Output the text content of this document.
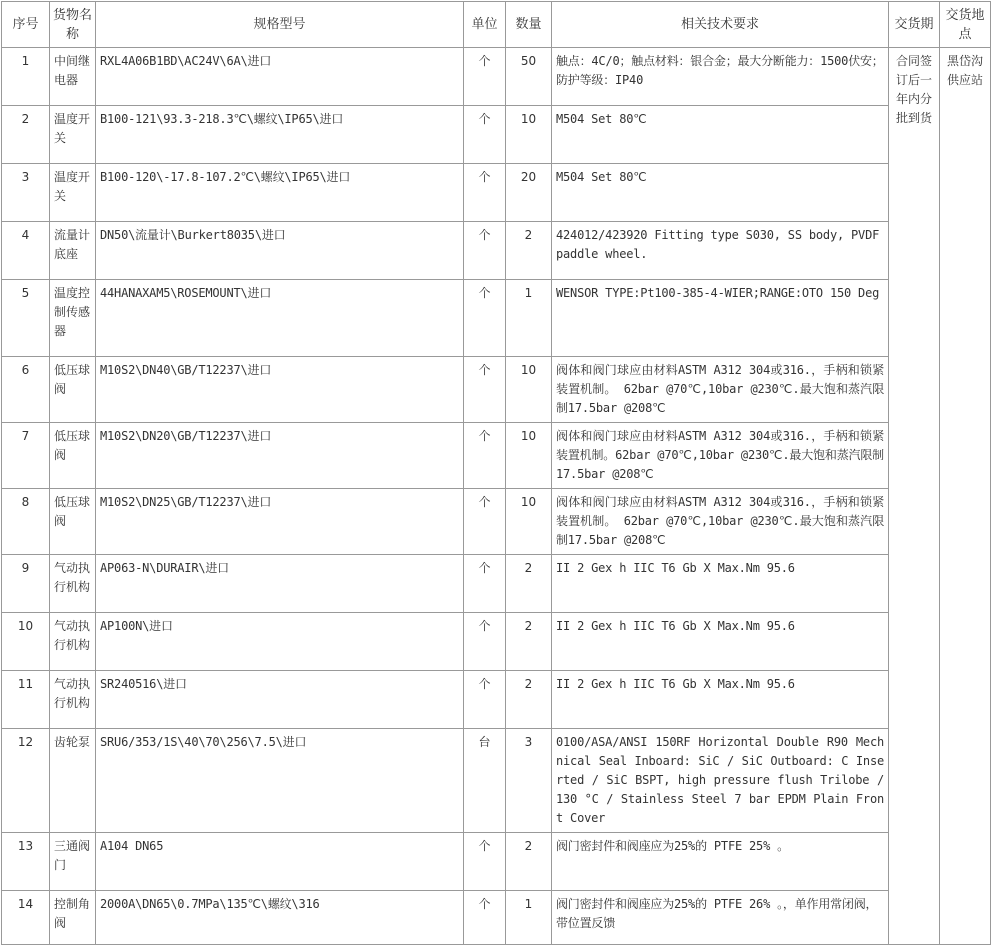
序号	货物名称	规格型号	单位	数量	相关技术要求	交货期	交货地点
1	中间继电器	RXL4A06B1BD\AC24V\6A\进口	个	50	触点：4C/0；触点材料：银合金；最大分断能力：1500伏安；防护等级：IP40	合同签订后一年内分批到货	黑岱沟供应站
2	温度开关	B100-121\93.3-218.3℃\螺纹\IP65\进口	个	10	M504 Set 80℃		
3	温度开关	B100-120\-17.8-107.2℃\螺纹\IP65\进口	个	20	M504 Set 80℃		
4	流量计底座	DN50\流量计\Burkert8035\进口	个	2	424012/423920 Fitting type S030, SS body, PVDF paddle wheel.		
5	温度控制传感器	44HANAXAM5\ROSEMOUNT\进口	个	1	WENSOR TYPE:Pt100-385-4-WIER;RANGE:OTO 150 Deg		
6	低压球阀	M10S2\DN40\GB/T12237\进口	个	10	阀体和阀门球应由材料ASTM A312 304或316.，手柄和锁紧装置机制。 62bar @70℃,10bar @230℃.最大饱和蒸汽限制17.5bar @208℃		
7	低压球阀	M10S2\DN20\GB/T12237\进口	个	10	阀体和阀门球应由材料ASTM A312 304或316.，手柄和锁紧装置机制。62bar @70℃,10bar @230℃.最大饱和蒸汽限制17.5bar @208℃		
8	低压球阀	M10S2\DN25\GB/T12237\进口	个	10	阀体和阀门球应由材料ASTM A312 304或316.，手柄和锁紧装置机制。 62bar @70℃,10bar @230℃.最大饱和蒸汽限制17.5bar @208℃		
9	气动执行机构	AP063-N\DURAIR\进口	个	2	II 2 Gex h IIC T6 Gb X Max.Nm 95.6		
10	气动执行机构	AP100N\进口	个	2	II 2 Gex h IIC T6 Gb X Max.Nm 95.6		
11	气动执行机构	SR240516\进口	个	2	II 2 Gex h IIC T6 Gb X Max.Nm 95.6		
12	齿轮泵	SRU6/353/1S\40\70\256\7.5\进口	台	3	0100/ASA/ANSI 150RF Horizontal Double R90 Mechnical Seal Inboard: SiC / SiC Outboard: C Inserted / SiC BSPT, high pressure flush Trilobe / 130 °C / Stainless Steel 7 bar EPDM Plain Front Cover		
13	三通阀门	A104 DN65	个	2	阀门密封件和阀座应为25%的 PTFE 25% 。		
14	控制角阀	2000A\DN65\0.7MPa\135℃\螺纹\316	个	1	阀门密封件和阀座应为25%的 PTFE 26% 。，单作用常闭阀，带位置反馈		
